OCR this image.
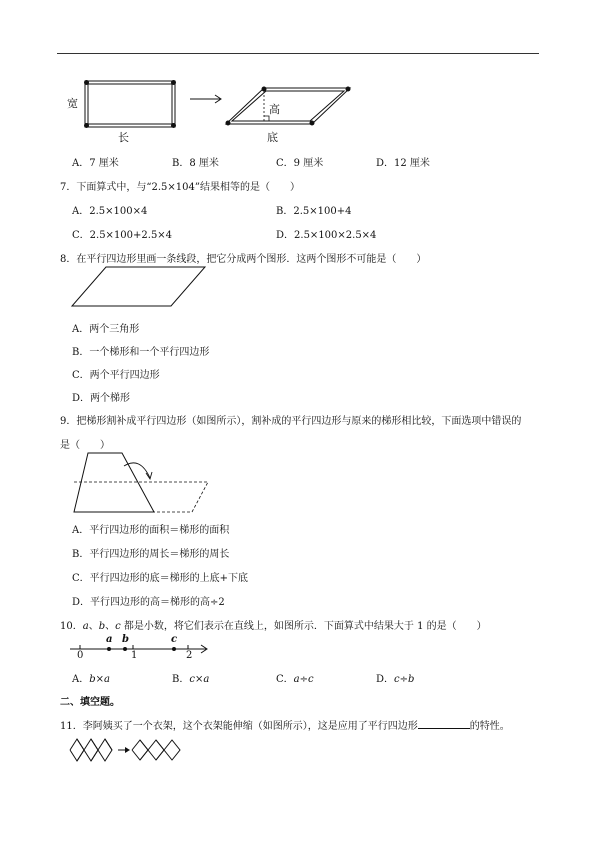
宽
长
高
底
A．7 厘米	B．8 厘米	C．9 厘米	D．12 厘米
7．下面算式中，与“2.5×104”结果相等的是（　　）
A．2.5×100×4	B．2.5×100+4
C．2.5×100+2.5×4	D．2.5×100×2.5×4
8．在平行四边形里画一条线段，把它分成两个图形．这两个图形不可能是（　　）
A．两个三角形
B．一个梯形和一个平行四边形
C．两个平行四边形
D．两个梯形
9．把梯形割补成平行四边形（如图所示），割补成的平行四边形与原来的梯形相比较，下面选项中错误的
是（　　）
A．平行四边形的面积＝梯形的面积
B．平行四边形的周长＝梯形的周长
C．平行四边形的底＝梯形的上底+下底
D．平行四边形的高＝梯形的高÷2
10．a、b、c 都是小数，将它们表示在直线上，如图所示．下面算式中结果大于 1 的是（　　）
a b	c
0	1	2
A．b×a	B．c×a	C．a÷c	D．c÷b
二、填空题。
11．李阿姨买了一个衣架，这个衣架能伸缩（如图所示），这是应用了平行四边形	的特性。
